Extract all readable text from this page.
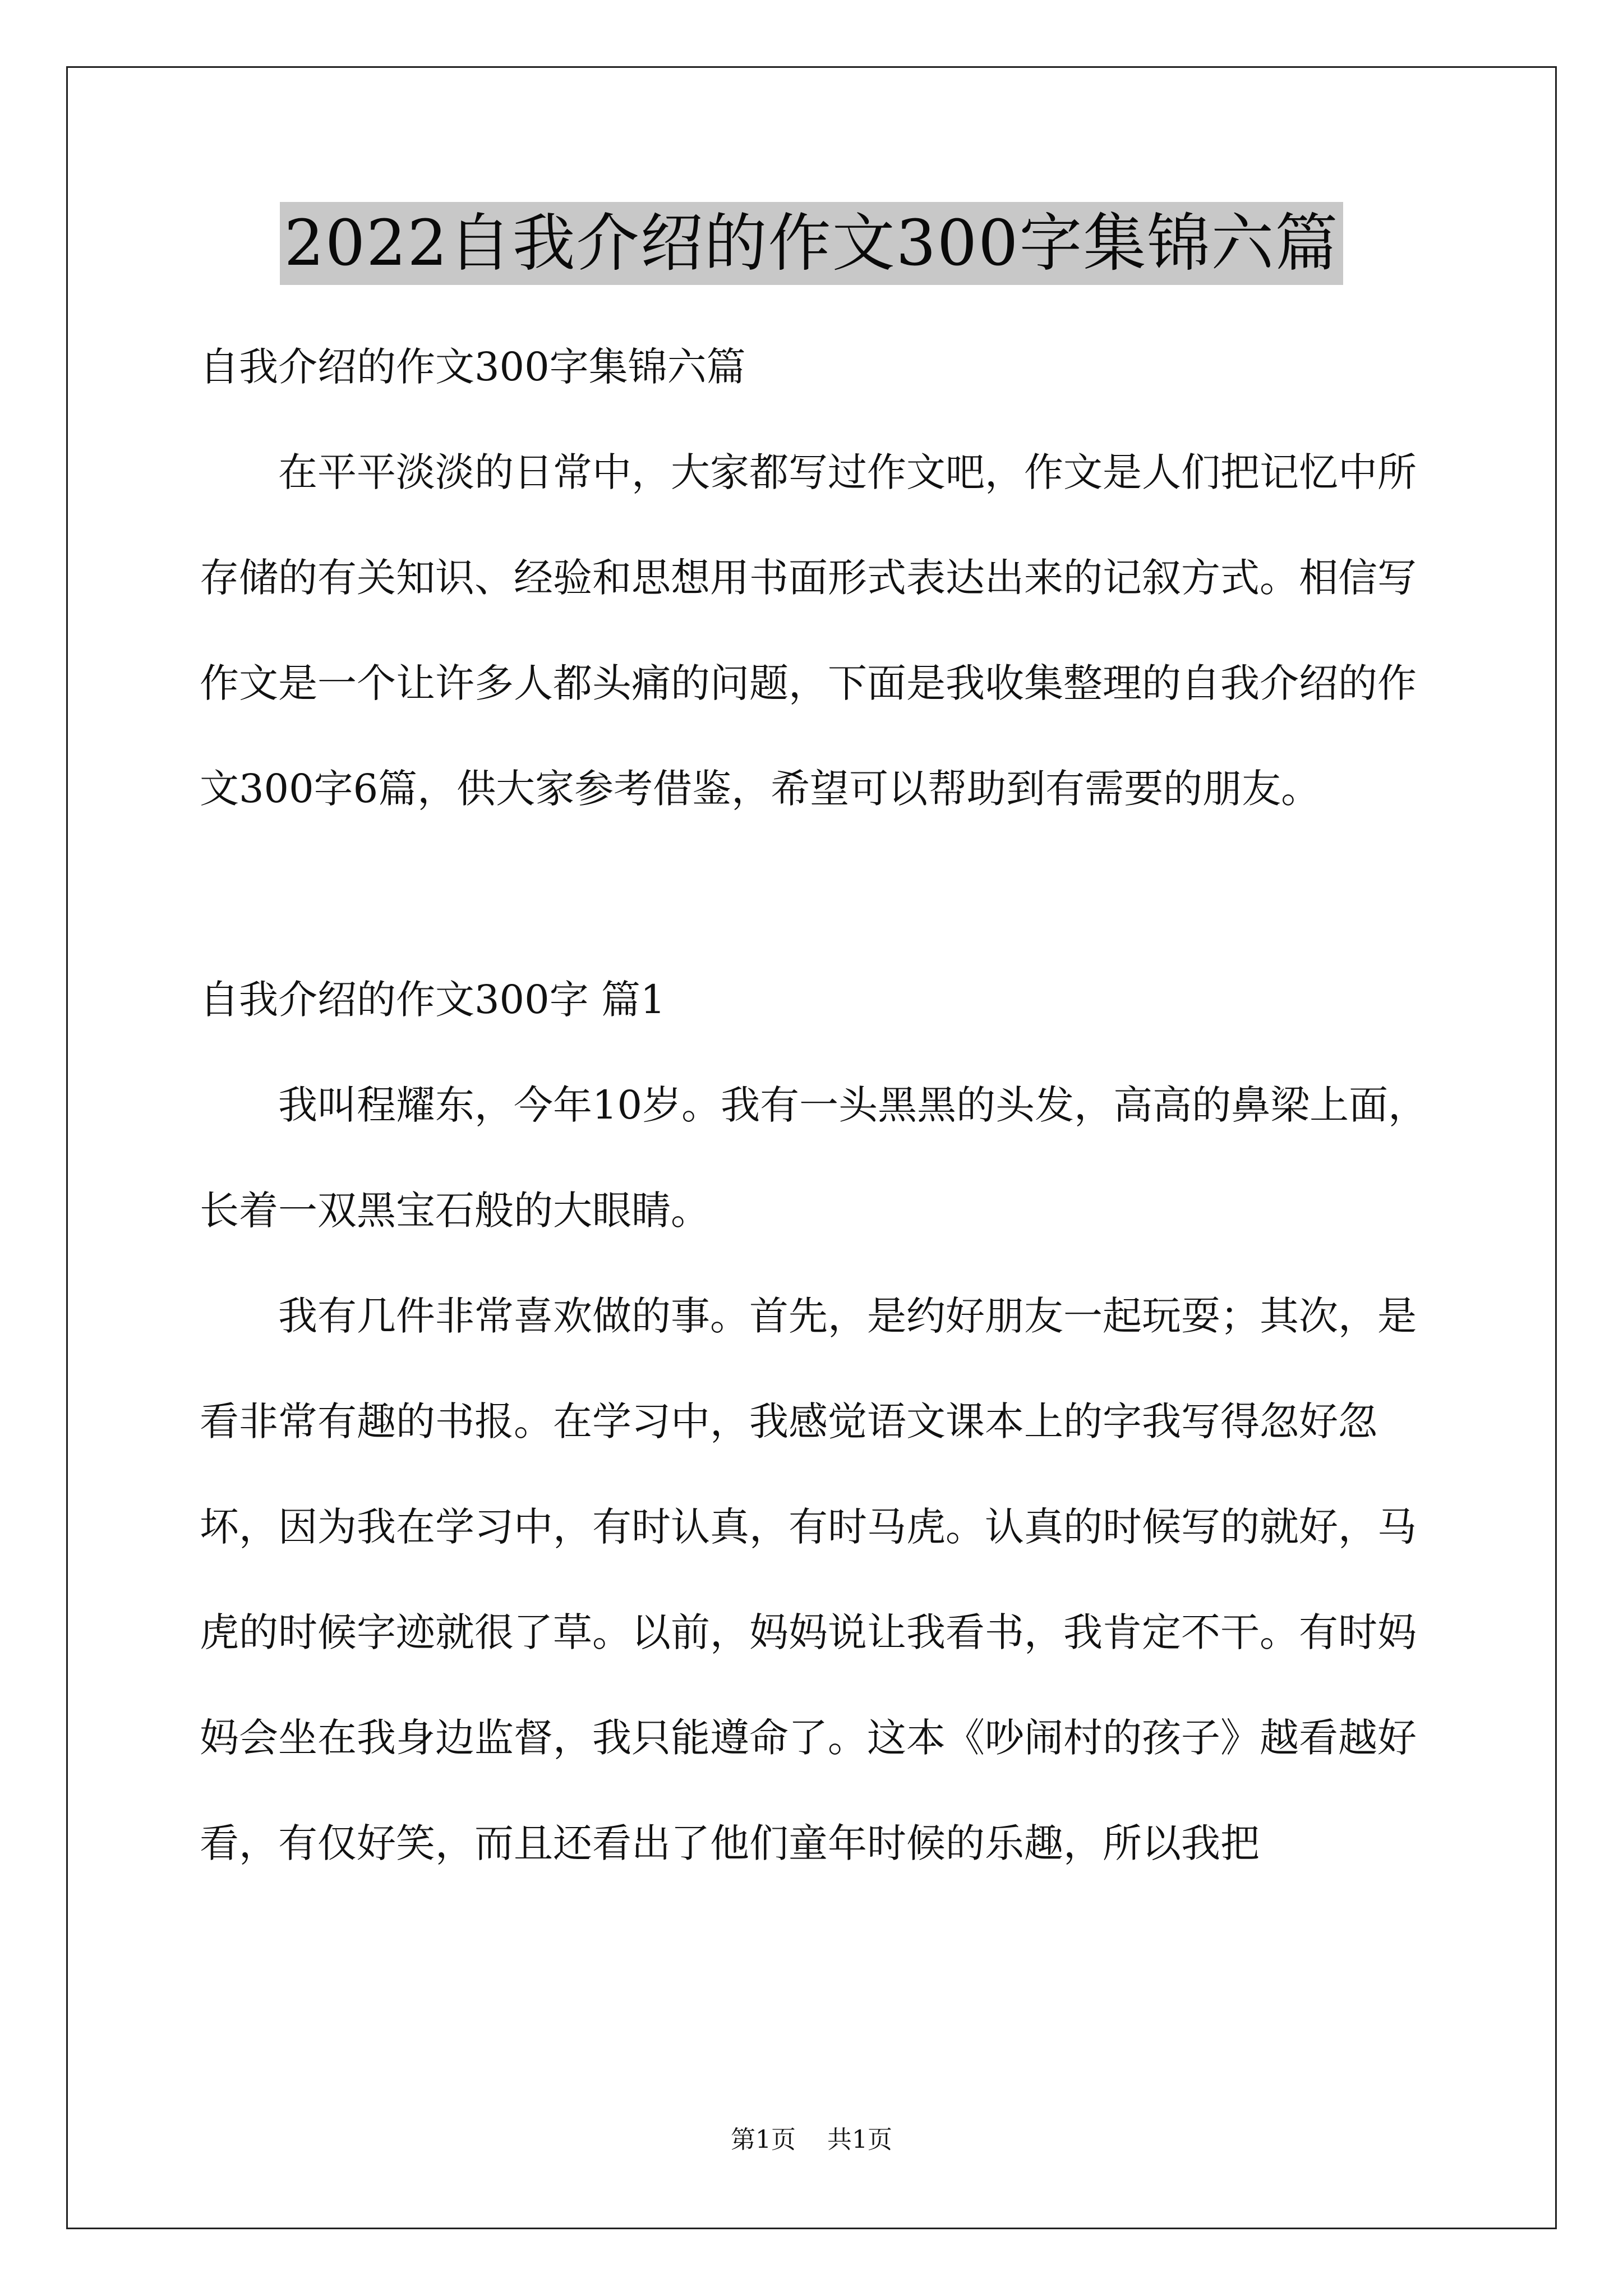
2022自我介绍的作文300字集锦六篇

自我介绍的作文300字集锦六篇

在平平淡淡的日常中，大家都写过作文吧，作文是人们把记忆中所存储的有关知识、经验和思想用书面形式表达出来的记叙方式。相信写作文是一个让许多人都头痛的问题，下面是我收集整理的自我介绍的作文300字6篇，供大家参考借鉴，希望可以帮助到有需要的朋友。

自我介绍的作文300字 篇1

我叫程耀东，今年10岁。我有一头黑黑的头发，高高的鼻梁上面，长着一双黑宝石般的大眼睛。

我有几件非常喜欢做的事。首先，是约好朋友一起玩耍；其次，是看非常有趣的书报。在学习中，我感觉语文课本上的字我写得忽好忽坏，因为我在学习中，有时认真，有时马虎。认真的时候写的就好，马虎的时候字迹就很了草。以前，妈妈说让我看书，我肯定不干。有时妈妈会坐在我身边监督，我只能遵命了。这本《吵闹村的孩子》越看越好看，有仅好笑，而且还看出了他们童年时候的乐趣，所以我把

第1页 共1页
